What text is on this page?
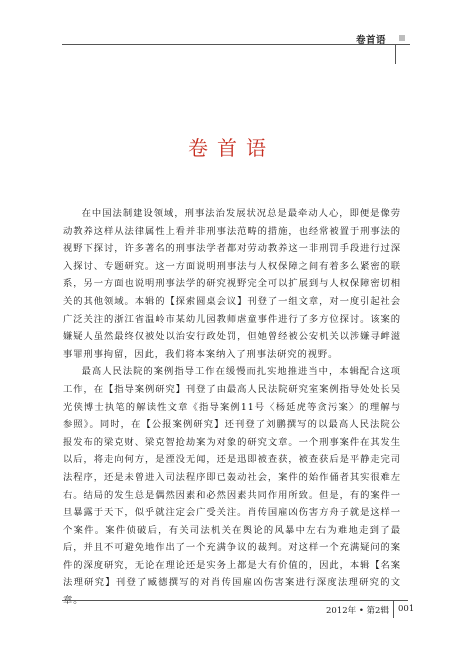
卷首语
卷首语

在中国法制建设领域，刑事法治发展状况总是最牵动人心，即便是像劳动教养这样从法律属性上看并非刑事法范畴的措施，也经常被置于刑事法的视野下探讨，许多著名的刑事法学者都对劳动教养这一非刑罚手段进行过深入探讨、专题研究。这一方面说明刑事法与人权保障之间有着多么紧密的联系，另一方面也说明刑事法学的研究视野完全可以扩展到与人权保障密切相关的其他领域。本辑的【探索圆桌会议】刊登了一组文章，对一度引起社会广泛关注的浙江省温岭市某幼儿园教师虐童事件进行了多方位探讨。该案的嫌疑人虽然最终仅被处以治安行政处罚，但她曾经被公安机关以涉嫌寻衅滋事罪刑事拘留，因此，我们将本案纳入了刑事法研究的视野。

最高人民法院的案例指导工作在缓慢而扎实地推进当中，本辑配合这项工作，在【指导案例研究】刊登了由最高人民法院研究室案例指导处处长吴光侠博士执笔的解读性文章《指导案例11号〈杨延虎等贪污案〉的理解与参照》。同时，在【公报案例研究】还刊登了刘鹏撰写的以最高人民法院公报发布的梁克财、梁克智抢劫案为对象的研究文章。一个刑事案件在其发生以后，将走向何方，是湮没无闻，还是迅即被查获，被查获后是平静走完司法程序，还是未曾进入司法程序即已轰动社会，案件的始作俑者其实很难左右。结局的发生总是偶然因素和必然因素共同作用所致。但是，有的案件一旦暴露于天下，似乎就注定会广受关注。肖传国雇凶伤害方舟子就是这样一个案件。案件侦破后，有关司法机关在舆论的风暴中左右为难地走到了最后，并且不可避免地作出了一个充满争议的裁判。对这样一个充满疑问的案件的深度研究，无论在理论还是实务上都是大有价值的，因此，本辑【名案法理研究】刊登了臧德撰写的对肖传国雇凶伤害案进行深度法理研究的文

2012年 • 第2辑 001
